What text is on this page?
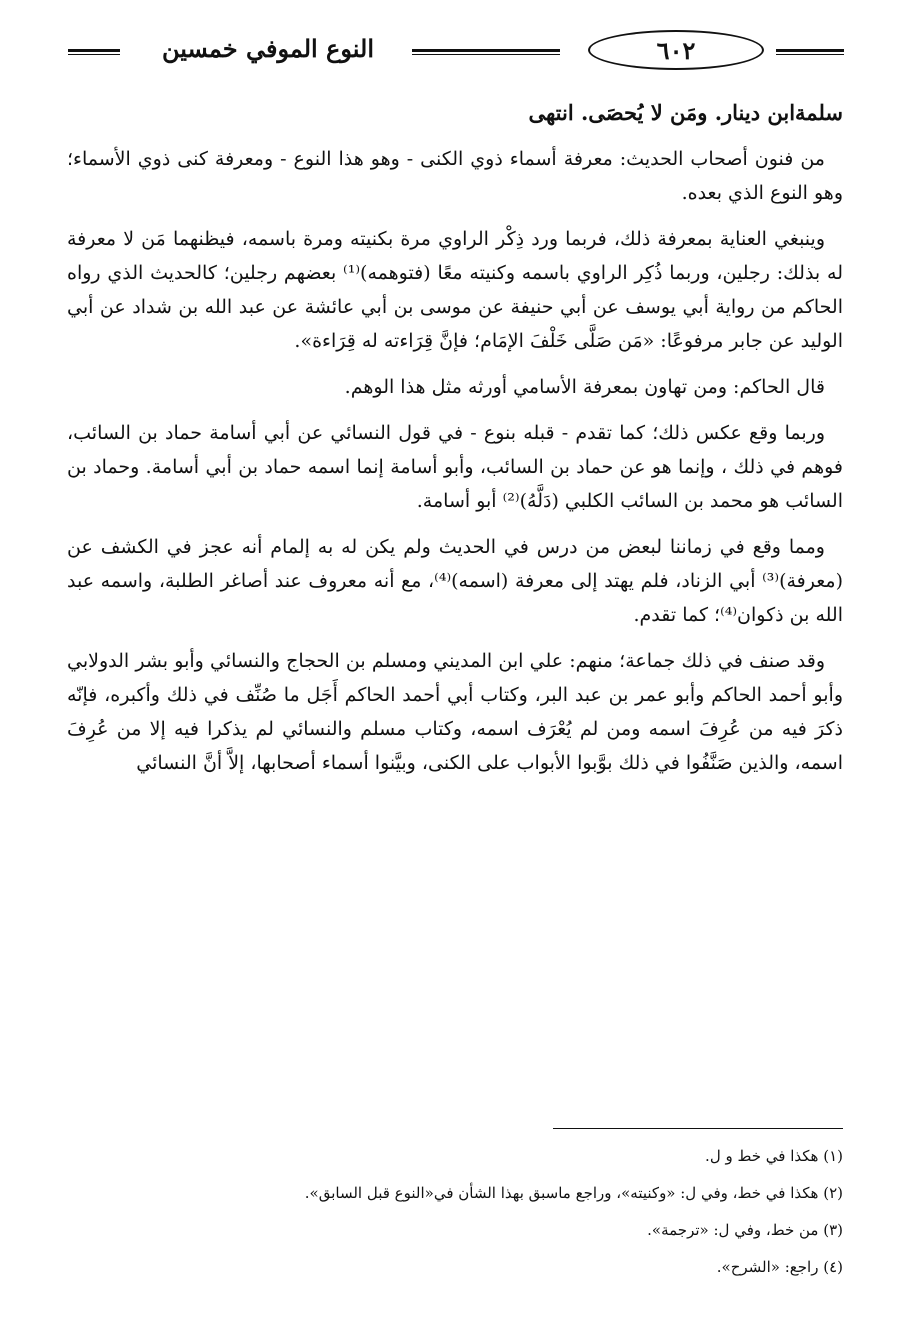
النوع الموفي خمسين	٦٠٢

سلمةابن دينار. ومَن لا يُحصَى. انتهى

من فنون أصحاب الحديث: معرفة أسماء ذوي الكنى - وهو هذا النوع - ومعرفة كنى ذوي الأسماء؛ وهو النوع الذي بعده.

وينبغي العناية بمعرفة ذلك، فربما ورد ذِكْر الراوي مرة بكنيته ومرة باسمه، فيظنهما مَن لا معرفة له بذلك: رجلين، وربما ذُكِر الراوي باسمه وكنيته معًا (فتوهمه)⁽¹⁾ بعضهم رجلين؛ كالحديث الذي رواه الحاكم من رواية أبي يوسف عن أبي حنيفة عن موسى بن أبي عائشة عن عبد الله بن شداد عن أبي الوليد عن جابر مرفوعًا: «مَن صَلَّى خَلْفَ الإمَام؛ فإنَّ قِرَاءته له قِرَاءة».

قال الحاكم: ومن تهاون بمعرفة الأسامي أورثه مثل هذا الوهم.

وربما وقع عكس ذلك؛ كما تقدم - قبله بنوع - في قول النسائي عن أبي أسامة حماد بن السائب، فوهم في ذلك ، وإنما هو عن حماد بن السائب، وأبو أسامة إنما اسمه حماد بن أبي أسامة. وحماد بن السائب هو محمد بن السائب الكلبي (دَلَّهُ)⁽²⁾ أبو أسامة.

ومما وقع في زماننا لبعض من درس في الحديث ولم يكن له به إلمام أنه عجز في الكشف عن (معرفة)⁽³⁾ أبي الزناد، فلم يهتد إلى معرفة (اسمه)⁽⁴⁾، مع أنه معروف عند أصاغر الطلبة، واسمه عبد الله بن ذكوان⁽⁴⁾؛ كما تقدم.

وقد صنف في ذلك جماعة؛ منهم: علي ابن المديني ومسلم بن الحجاج والنسائي وأبو بشر الدولابي وأبو أحمد الحاكم وأبو عمر بن عبد البر، وكتاب أبي أحمد الحاكم أَجَل ما صُنِّف في ذلك وأكبره، فإنّه ذكرَ فيه من عُرِفَ اسمه ومن لم يُعْرَف اسمه، وكتاب مسلم والنسائي لم يذكرا فيه إلا من عُرِفَ اسمه، والذين صَنَّفُوا في ذلك بوَّبوا الأبواب على الكنى، وبيَّنوا أسماء أصحابها، إلاَّ أنَّ النسائي

(١) هكذا في خط و ل.

(٢) هكذا في خط، وفي ل: «وكنيته»، وراجع ماسبق بهذا الشأن في«النوع قبل السابق».

(٣) من خط، وفي ل: «ترجمة».

(٤) راجع: «الشرح».
